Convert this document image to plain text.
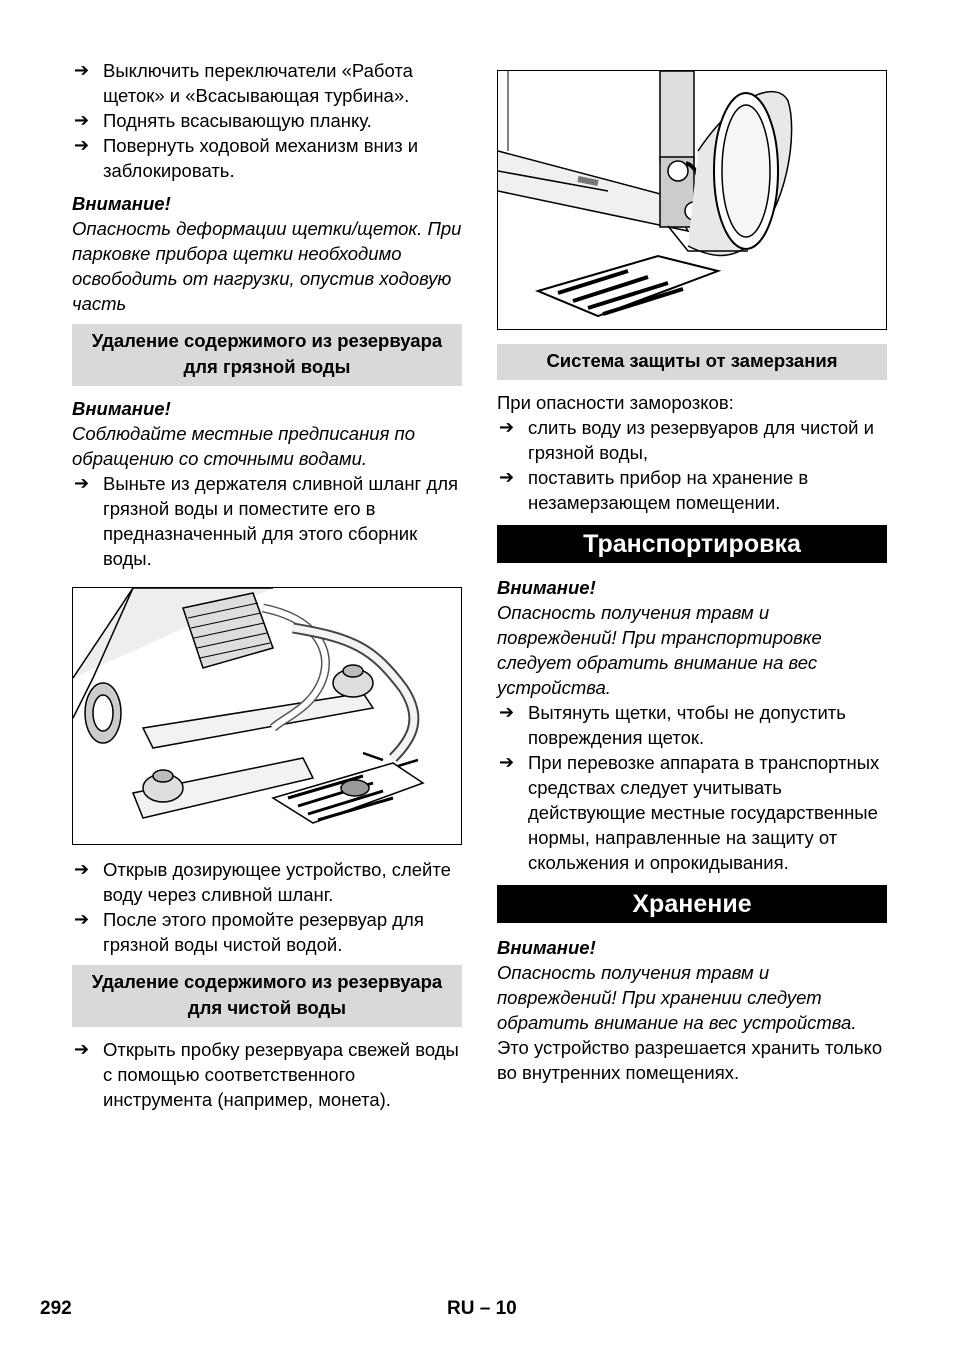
➔ Выключить переключатели «Работа щеток» и «Всасывающая турбина».

➔ Поднять всасывающую планку.

➔ Повернуть ходовой механизм вниз и заблокировать.

Внимание!

Опасность деформации щетки/щеток. При парковке прибора щетки необходимо освободить от нагрузки, опустив ходовую часть

Удаление содержимого из резервуара для грязной воды

Внимание!

Соблюдайте местные предписания по обращению со сточными водами.

➔ Выньте из держателя сливной шланг для грязной воды и поместите его в предназначенный для этого сборник воды.

➔ Открыв дозирующее устройство, слейте воду через сливной шланг.

➔ После этого промойте резервуар для грязной воды чистой водой.

Удаление содержимого из резервуара для чистой воды

➔ Открыть пробку резервуара свежей воды с помощью соответственного инструмента (например, монета).

Система защиты от замерзания

При опасности заморозков:

➔ слить воду из резервуаров для чистой и грязной воды,

➔ поставить прибор на хранение в незамерзающем помещении.

Транспортировка

Внимание!

Опасность получения травм и повреждений! При транспортировке следует обратить внимание на вес устройства.

➔ Вытянуть щетки, чтобы не допустить повреждения щеток.

➔ При перевозке аппарата в транспортных средствах следует учитывать действующие местные государственные нормы, направленные на защиту от скольжения и опрокидывания.

Хранение

Внимание!

Опасность получения травм и повреждений! При хранении следует обратить внимание на вес устройства.

Это устройство разрешается хранить только во внутренних помещениях.

292	RU – 10
